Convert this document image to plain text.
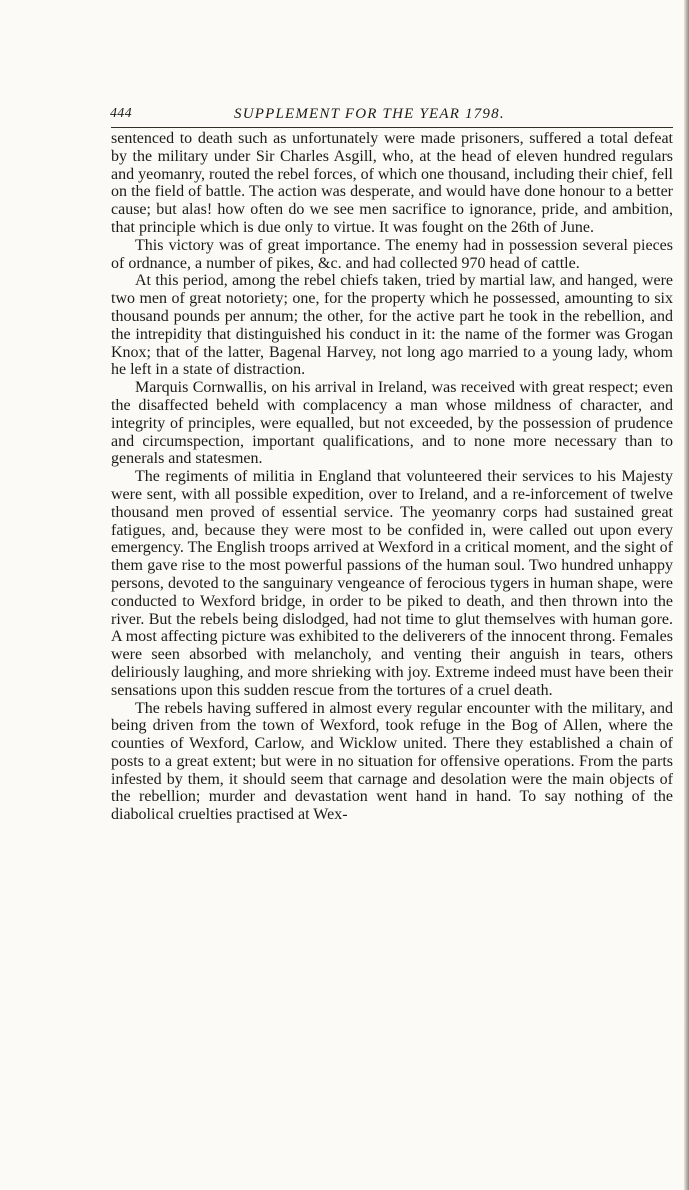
444	SUPPLEMENT FOR THE YEAR 1798.

sentenced to death such as unfortunately were made prisoners, suffered a total defeat by the military under Sir Charles Asgill, who, at the head of eleven hundred regulars and yeomanry, routed the rebel forces, of which one thousand, including their chief, fell on the field of battle. The action was desperate, and would have done honour to a better cause; but alas! how often do we see men sacrifice to ignorance, pride, and ambition, that principle which is due only to virtue. It was fought on the 26th of June.

This victory was of great importance. The enemy had in possession several pieces of ordnance, a number of pikes, &c. and had collected 970 head of cattle.

At this period, among the rebel chiefs taken, tried by martial law, and hanged, were two men of great notoriety; one, for the property which he possessed, amounting to six thousand pounds per annum; the other, for the active part he took in the rebellion, and the intrepidity that distinguished his conduct in it: the name of the former was Grogan Knox; that of the latter, Bagenal Harvey, not long ago married to a young lady, whom he left in a state of distraction.

Marquis Cornwallis, on his arrival in Ireland, was received with great respect; even the disaffected beheld with complacency a man whose mildness of character, and integrity of principles, were equalled, but not exceeded, by the possession of prudence and circumspection, important qualifications, and to none more necessary than to generals and statesmen.

The regiments of militia in England that volunteered their services to his Majesty were sent, with all possible expedition, over to Ireland, and a re-inforcement of twelve thousand men proved of essential service. The yeomanry corps had sustained great fatigues, and, because they were most to be confided in, were called out upon every emergency. The English troops arrived at Wexford in a critical moment, and the sight of them gave rise to the most powerful passions of the human soul. Two hundred unhappy persons, devoted to the sanguinary vengeance of ferocious tygers in human shape, were conducted to Wexford bridge, in order to be piked to death, and then thrown into the river. But the rebels being dislodged, had not time to glut themselves with human gore. A most affecting picture was exhibited to the deliverers of the innocent throng. Females were seen absorbed with melancholy, and venting their anguish in tears, others deliriously laughing, and more shrieking with joy. Extreme indeed must have been their sensations upon this sudden rescue from the tortures of a cruel death.

The rebels having suffered in almost every regular encounter with the military, and being driven from the town of Wexford, took refuge in the Bog of Allen, where the counties of Wexford, Carlow, and Wicklow united. There they established a chain of posts to a great extent; but were in no situation for offensive operations. From the parts infested by them, it should seem that carnage and desolation were the main objects of the rebellion; murder and devastation went hand in hand. To say nothing of the diabolical cruelties practised at Wex-
